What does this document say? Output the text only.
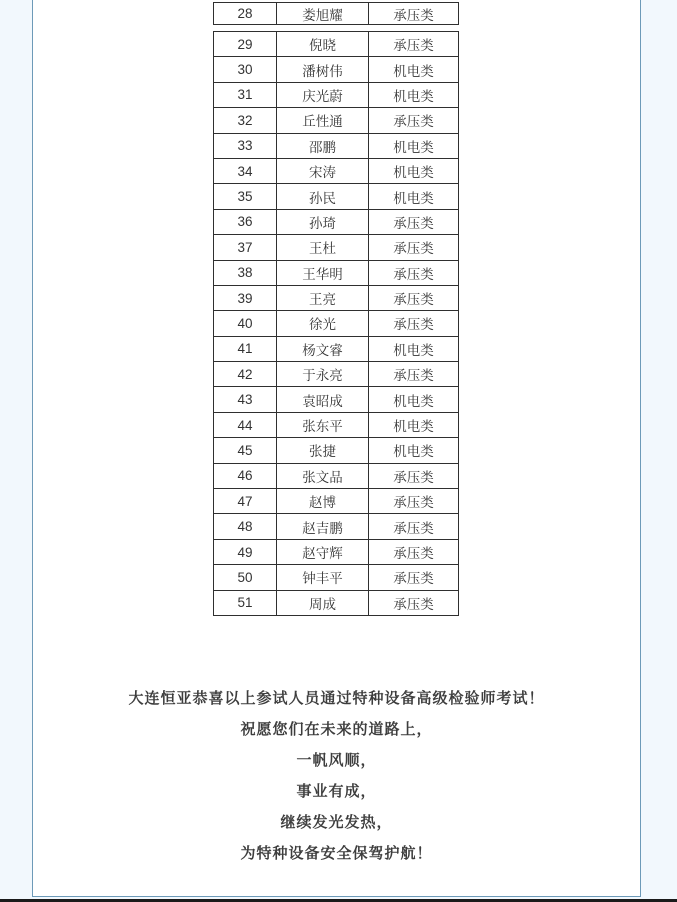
28	娄旭耀	承压类
29	倪晓	承压类
30	潘树伟	机电类
31	庆光蔚	机电类
32	丘性通	承压类
33	邵鹏	机电类
34	宋涛	机电类
35	孙民	机电类
36	孙琦	承压类
37	王杜	承压类
38	王华明	承压类
39	王亮	承压类
40	徐光	承压类
41	杨文睿	机电类
42	于永亮	承压类
43	袁昭成	机电类
44	张东平	机电类
45	张捷	机电类
46	张文品	承压类
47	赵博	承压类
48	赵吉鹏	承压类
49	赵守辉	承压类
50	钟丰平	承压类
51	周成	承压类

大连恒亚恭喜以上参试人员通过特种设备高级检验师考试！

祝愿您们在未来的道路上，

一帆风顺，

事业有成，

继续发光发热，

为特种设备安全保驾护航！
